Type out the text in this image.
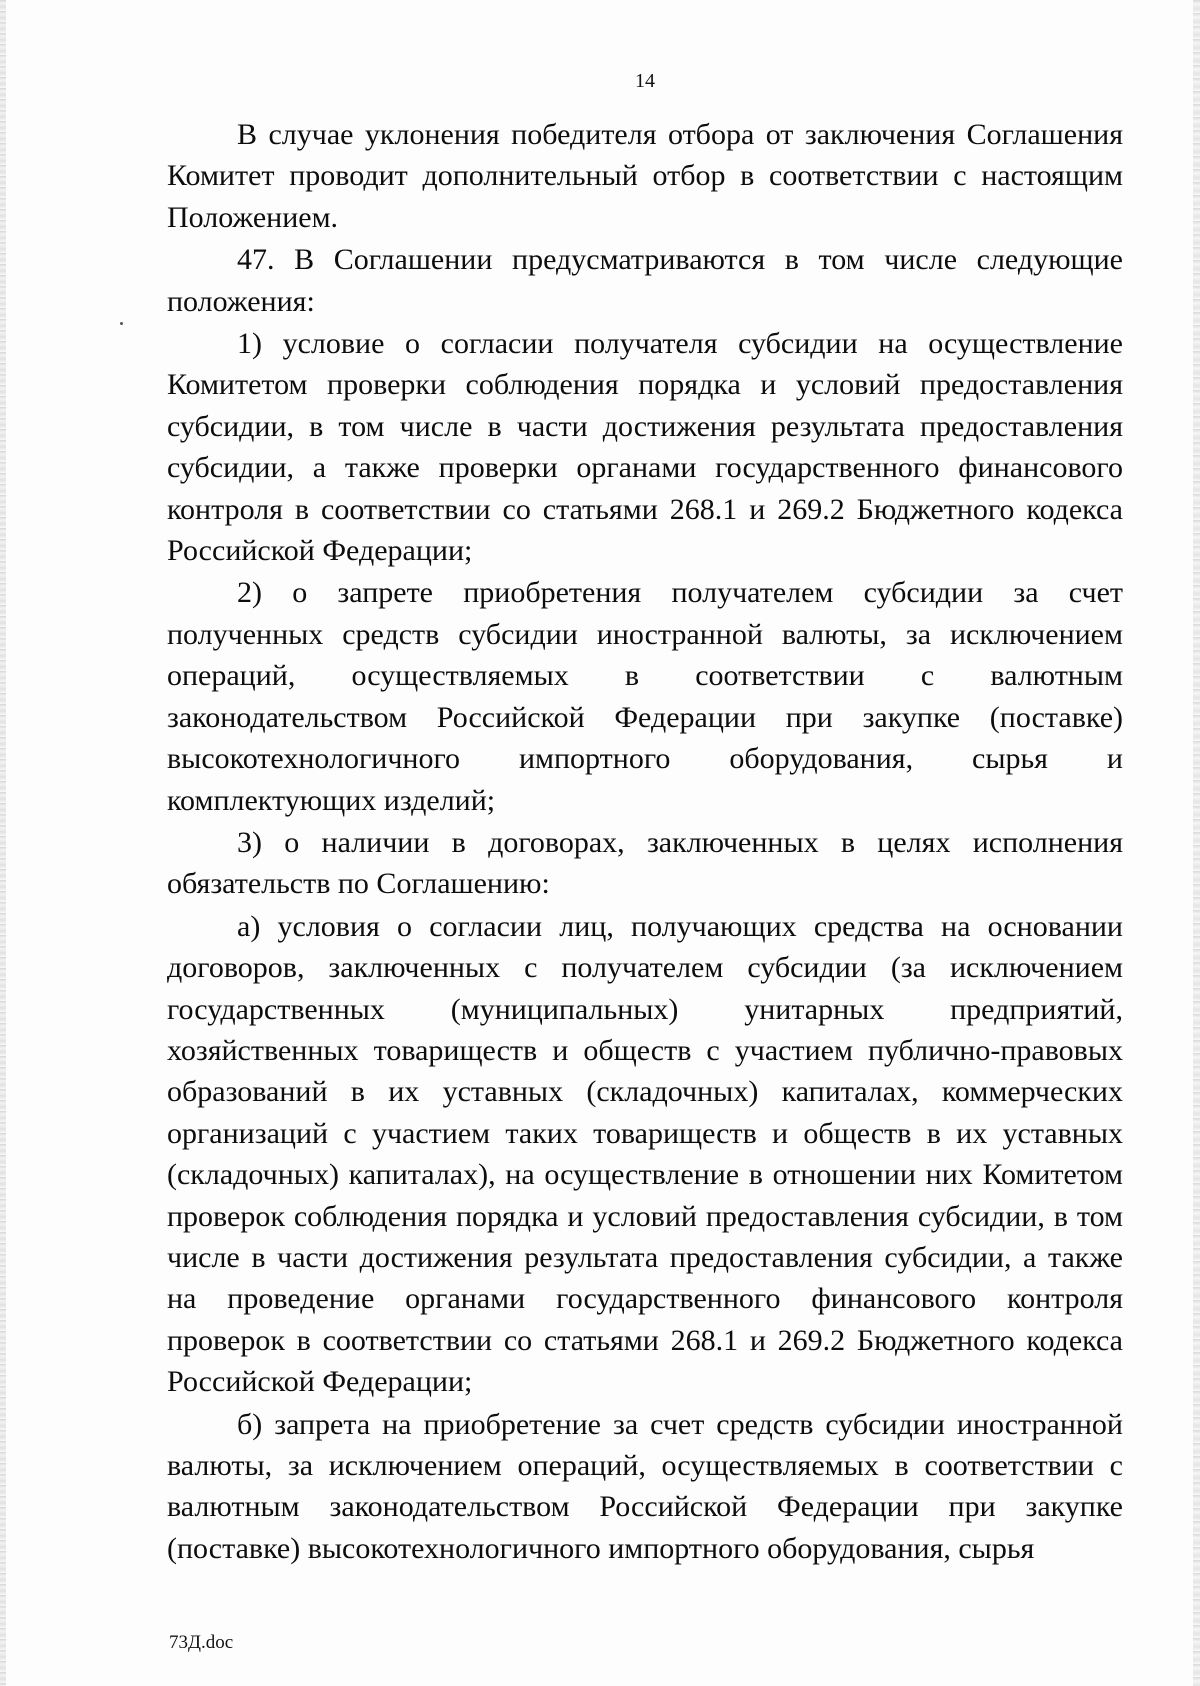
14

В случае уклонения победителя отбора от заключения Соглашения Комитет проводит дополнительный отбор в соответствии с настоящим Положением.

47. В Соглашении предусматриваются в том числе следующие положения:

1) условие о согласии получателя субсидии на осуществление Комитетом проверки соблюдения порядка и условий предоставления субсидии, в том числе в части достижения результата предоставления субсидии, а также проверки органами государственного финансового контроля в соответствии со статьями 268.1 и 269.2 Бюджетного кодекса Российской Федерации;

2) о запрете приобретения получателем субсидии за счет полученных средств субсидии иностранной валюты, за исключением операций, осуществляемых в соответствии с валютным законодательством Российской Федерации при закупке (поставке) высокотехнологичного импортного оборудования, сырья и комплектующих изделий;

3) о наличии в договорах, заключенных в целях исполнения обязательств по Соглашению:

а) условия о согласии лиц, получающих средства на основании договоров, заключенных с получателем субсидии (за исключением государственных (муниципальных) унитарных предприятий, хозяйственных товариществ и обществ с участием публично-правовых образований в их уставных (складочных) капиталах, коммерческих организаций с участием таких товариществ и обществ в их уставных (складочных) капиталах), на осуществление в отношении них Комитетом проверок соблюдения порядка и условий предоставления субсидии, в том числе в части достижения результата предоставления субсидии, а также на проведение органами государственного финансового контроля проверок в соответствии со статьями 268.1 и 269.2 Бюджетного кодекса Российской Федерации;

б) запрета на приобретение за счет средств субсидии иностранной валюты, за исключением операций, осуществляемых в соответствии с валютным законодательством Российской Федерации при закупке (поставке) высокотехнологичного импортного оборудования, сырья

73Д.doc
